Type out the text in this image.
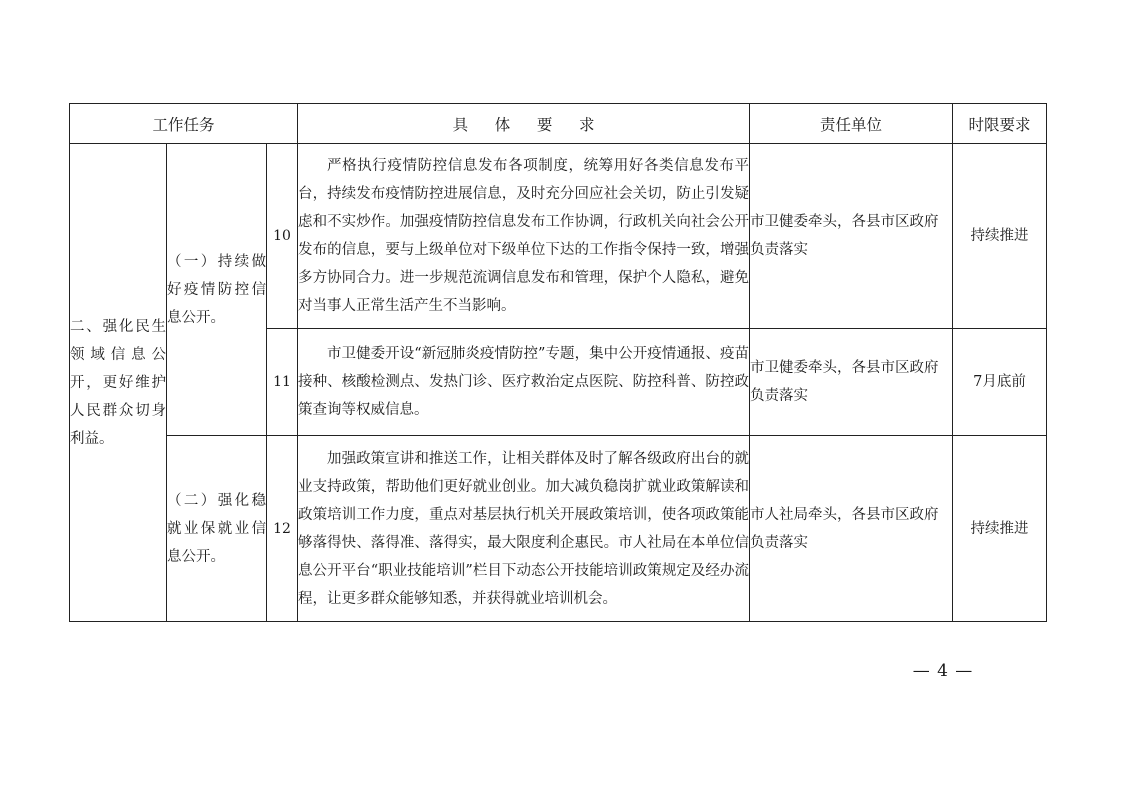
工作任务			具 体 要 求	责任单位	时限要求

二、强化民生领域信息公开，更好维护人民群众切身利益。	（一）持续做好疫情防控信息公开。	10	严格执行疫情防控信息发布各项制度，统筹用好各类信息发布平台，持续发布疫情防控进展信息，及时充分回应社会关切，防止引发疑虑和不实炒作。加强疫情防控信息发布工作协调，行政机关向社会公开发布的信息，要与上级单位对下级单位下达的工作指令保持一致，增强多方协同合力。进一步规范流调信息发布和管理，保护个人隐私，避免对当事人正常生活产生不当影响。	市卫健委牵头，各县市区政府负责落实	持续推进

		11	市卫健委开设“新冠肺炎疫情防控”专题，集中公开疫情通报、疫苗接种、核酸检测点、发热门诊、医疗救治定点医院、防控科普、防控政策查询等权威信息。	市卫健委牵头，各县市区政府负责落实	7月底前

	（二）强化稳就业保就业信息公开。	12	加强政策宣讲和推送工作，让相关群体及时了解各级政府出台的就业支持政策，帮助他们更好就业创业。加大减负稳岗扩就业政策解读和政策培训工作力度，重点对基层执行机关开展政策培训，使各项政策能够落得快、落得准、落得实，最大限度利企惠民。市人社局在本单位信息公开平台“职业技能培训”栏目下动态公开技能培训政策规定及经办流程，让更多群众能够知悉，并获得就业培训机会。	市人社局牵头，各县市区政府负责落实	持续推进
— 4 —
